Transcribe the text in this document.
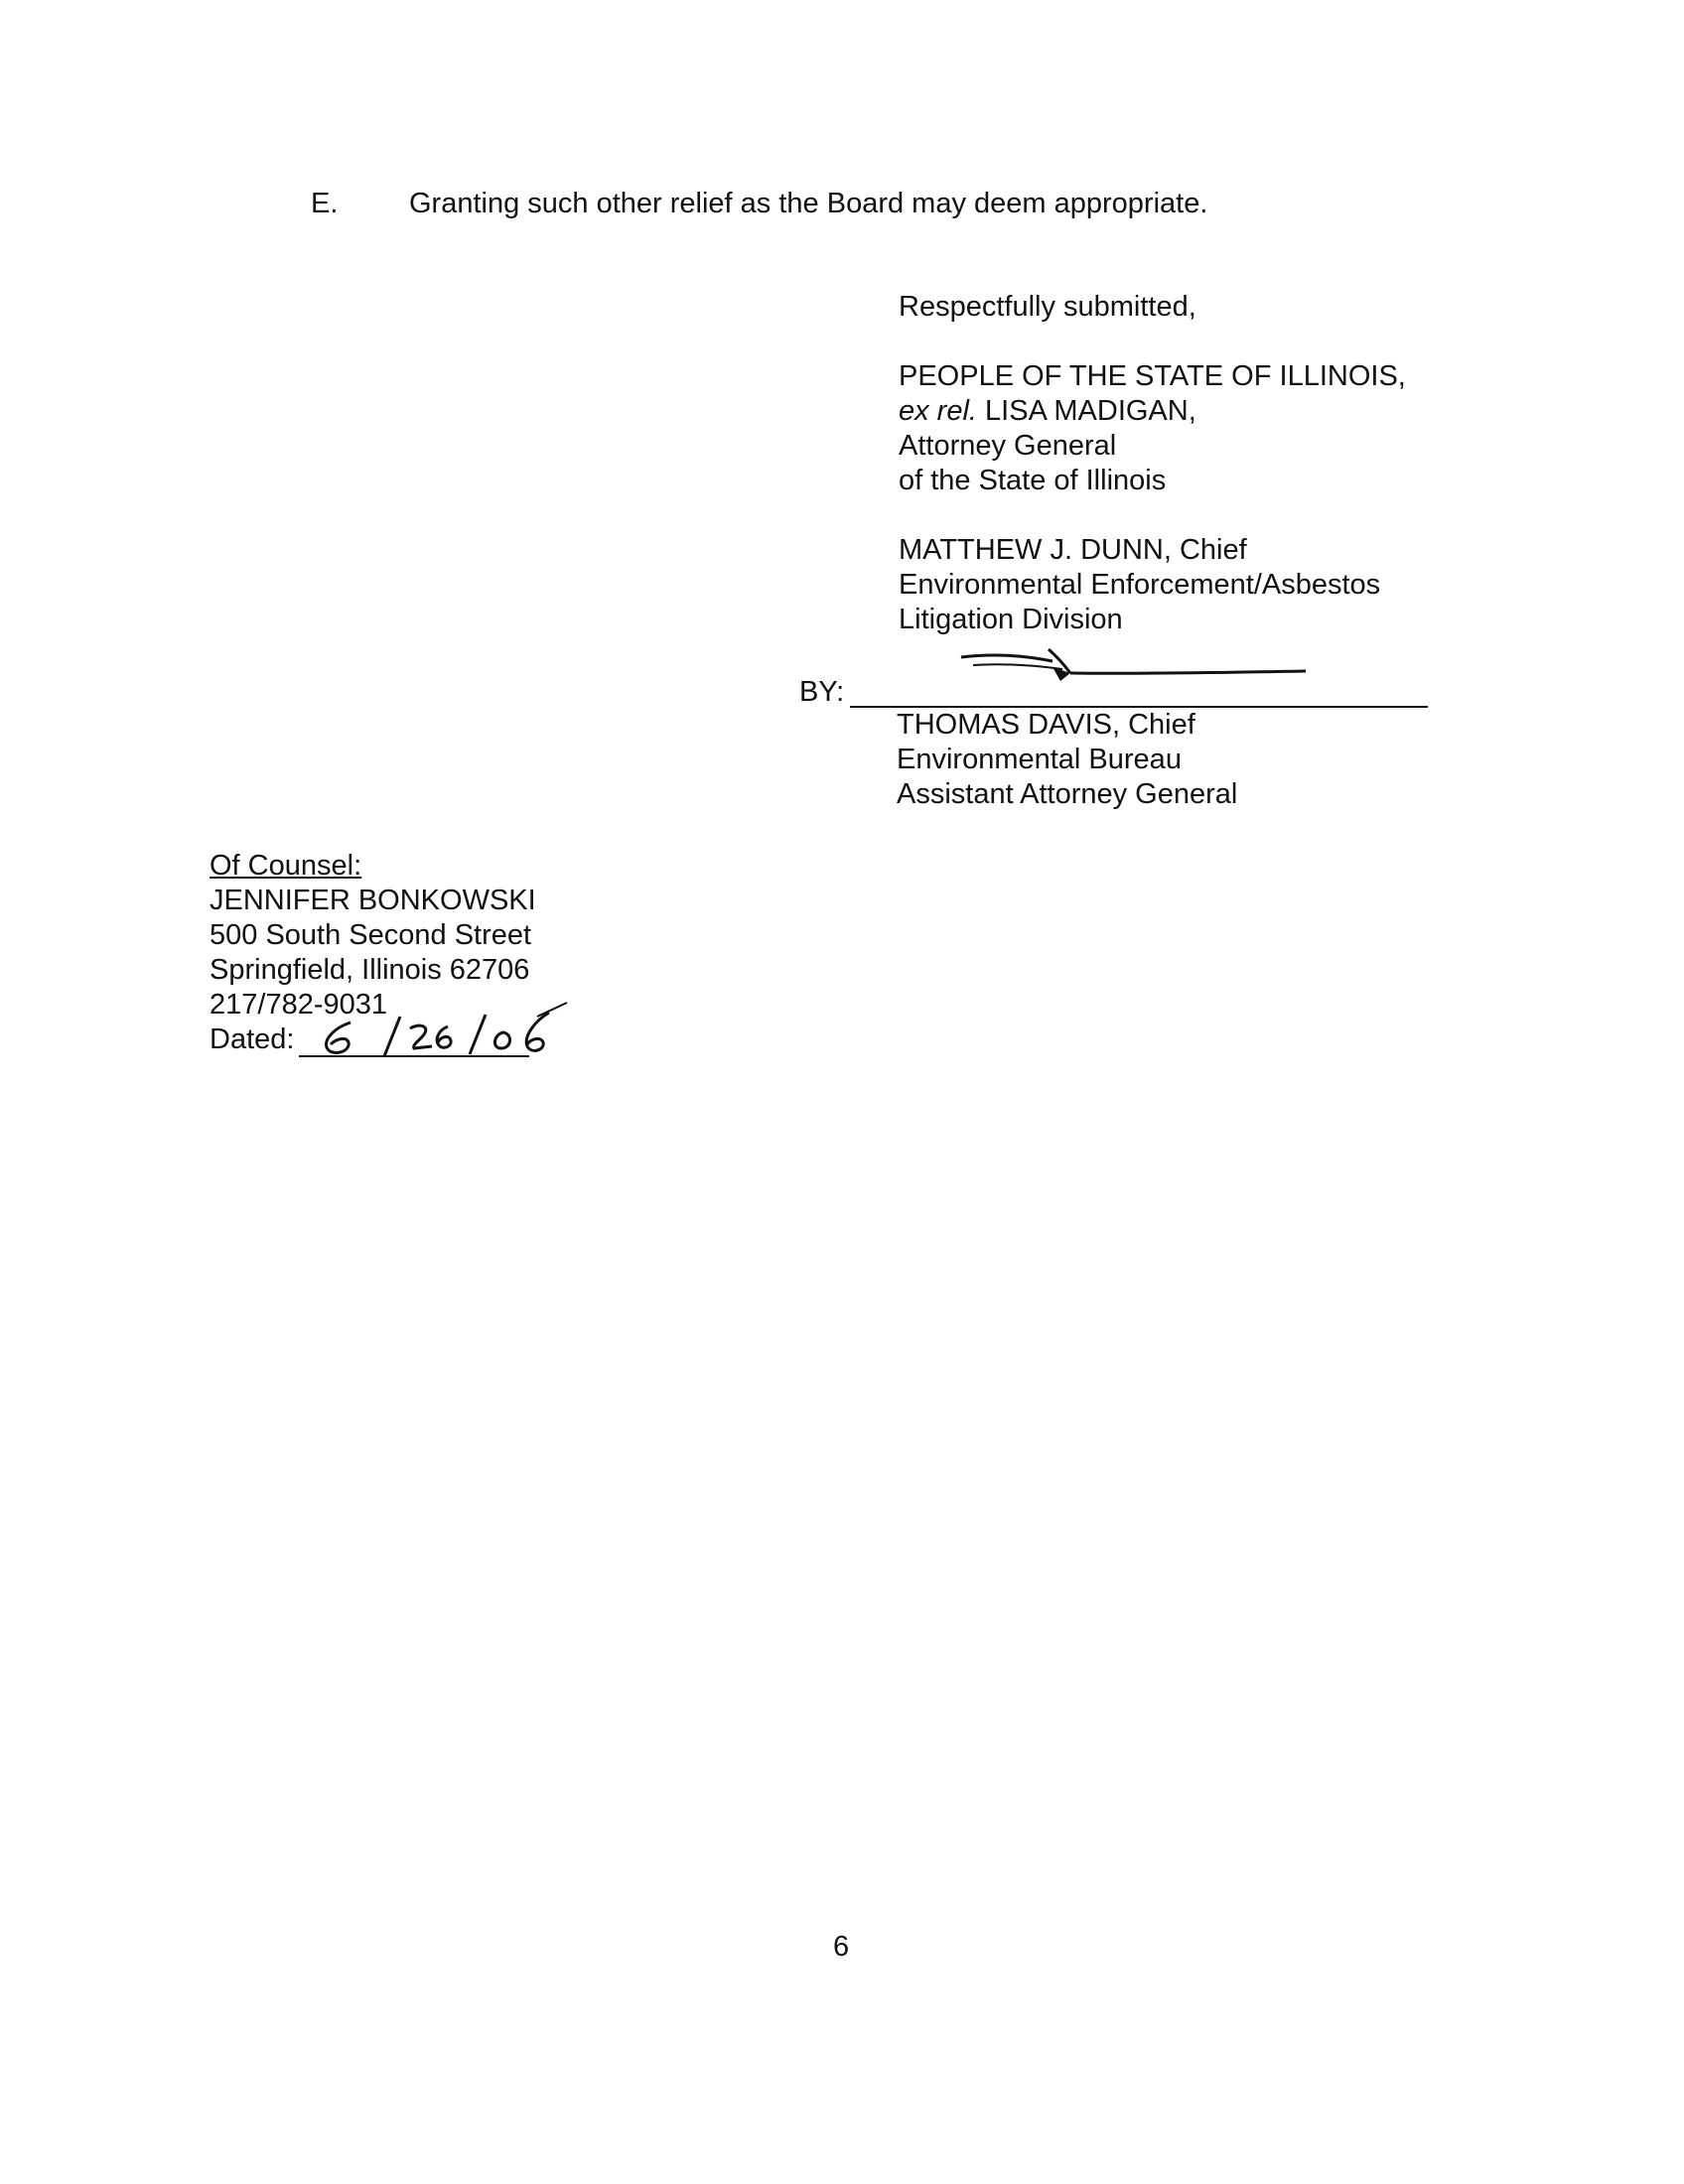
E. Granting such other relief as the Board may deem appropriate.
Respectfully submitted,
PEOPLE OF THE STATE OF ILLINOIS,
ex rel. LISA MADIGAN,
Attorney General
of the State of Illinois
MATTHEW J. DUNN, Chief
Environmental Enforcement/Asbestos
Litigation Division
BY:
THOMAS DAVIS, Chief
Environmental Bureau
Assistant Attorney General
Of Counsel:
JENNIFER BONKOWSKI
500 South Second Street
Springfield, Illinois 62706
217/782-9031
Dated:
6
